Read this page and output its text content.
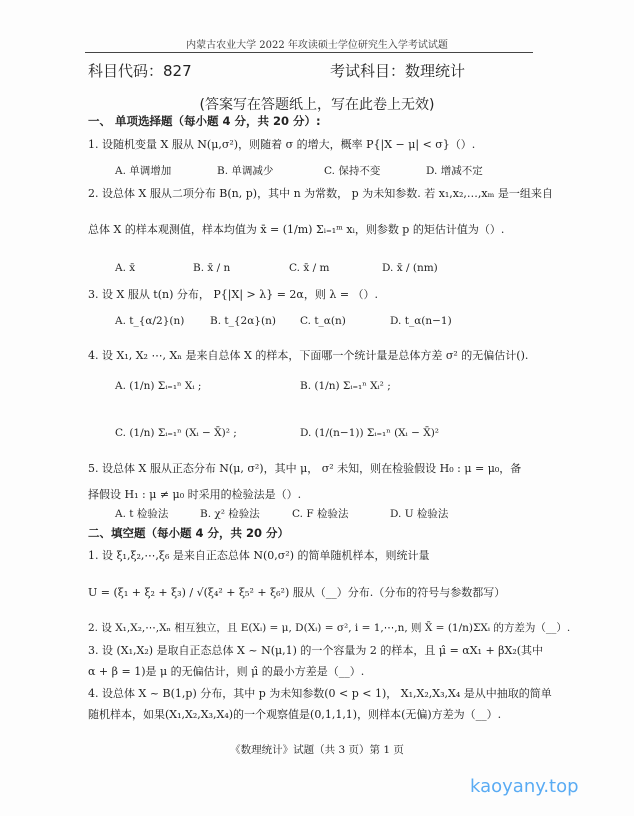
内蒙古农业大学 2022 年攻读硕士学位研究生入学考试试题
科目代码：827	考试科目：数理统计
(答案写在答题纸上，写在此卷上无效)
一、 单项选择题（每小题 4 分，共 20 分）:
1. 设随机变量 X 服从 N(μ,σ²)，则随着 σ 的增大，概率 P{|X − μ| < σ}（）.
A. 单调增加	B. 单调减少	C. 保持不变	D. 增减不定
2. 设总体 X 服从二项分布 B(n, p)，其中 n 为常数， p 为未知参数. 若 x₁,x₂,…,xₘ 是一组来自
总体 X 的样本观测值，样本均值为 x̄ = (1/m) Σᵢ₌₁ᵐ xᵢ，则参数 p 的矩估计值为（）.
A. x̄	B. x̄ / n	C. x̄ / m	D. x̄ / (nm)
3. 设 X 服从 t(n) 分布， P{|X| > λ} = 2α，则 λ = （）.
A. t_{α/2}(n) B. t_{2α}(n) C. t_α(n)	D. t_α(n−1)
4. 设 X₁, X₂ ⋯, Xₙ 是来自总体 X 的样本，下面哪一个统计量是总体方差 σ² 的无偏估计().
A. (1/n) Σᵢ₌₁ⁿ Xᵢ ;	B. (1/n) Σᵢ₌₁ⁿ Xᵢ² ;
C. (1/n) Σᵢ₌₁ⁿ (Xᵢ − X̄)² ;	D. (1/(n−1)) Σᵢ₌₁ⁿ (Xᵢ − X̄)²
5. 设总体 X 服从正态分布 N(μ, σ²)，其中 μ， σ² 未知，则在检验假设 H₀ : μ = μ₀，备
择假设 H₁ : μ ≠ μ₀ 时采用的检验法是（）.
A. t 检验法	B. χ² 检验法	C. F 检验法	D. U 检验法
二、填空题（每小题 4 分，共 20 分）
1. 设 ξ₁,ξ₂,⋯,ξ₆ 是来自正态总体 N(0,σ²) 的简单随机样本，则统计量
U = (ξ₁ + ξ₂ + ξ₃) / √(ξ₄² + ξ₅² + ξ₆²) 服从（__）分布.（分布的符号与参数都写）
2. 设 X₁,X₂,⋯,Xₙ 相互独立，且 E(Xᵢ) = μ, D(Xᵢ) = σ², i = 1,⋯,n, 则 X̄ = (1/n)ΣXᵢ 的方差为（__）.
3. 设 (X₁,X₂) 是取自正态总体 X ~ N(μ,1) 的一个容量为 2 的样本，且 μ̂ = αX₁ + βX₂(其中
α + β = 1)是 μ 的无偏估计，则 μ̂ 的最小方差是（__）.
4. 设总体 X ~ B(1,p) 分布，其中 p 为未知参数(0 < p < 1)， X₁,X₂,X₃,X₄ 是从中抽取的简单
随机样本，如果(X₁,X₂,X₃,X₄)的一个观察值是(0,1,1,1)，则样本(无偏)方差为（__）.
《数理统计》试题（共 3 页）第 1 页
kaoyany.top
